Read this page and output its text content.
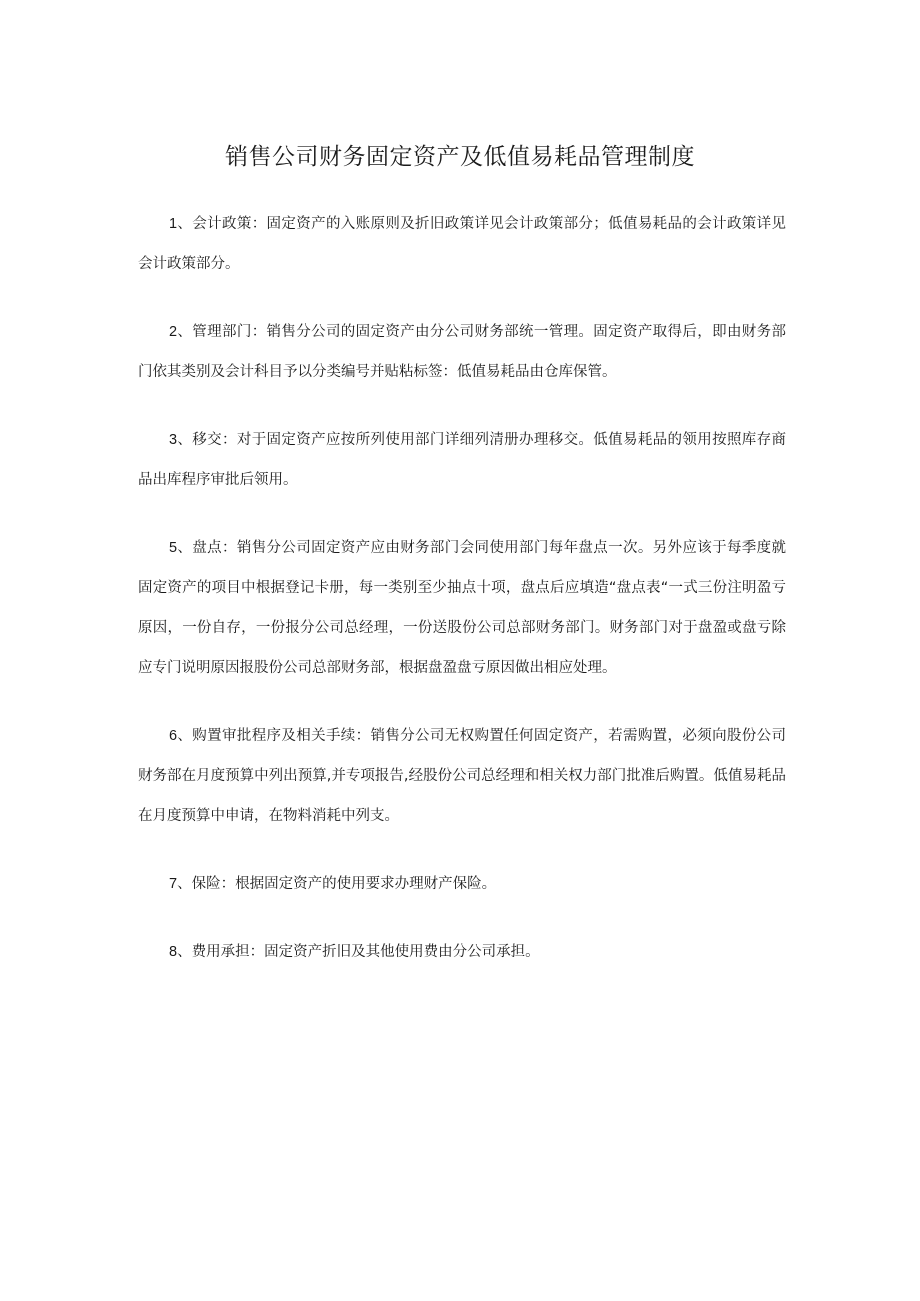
销售公司财务固定资产及低值易耗品管理制度

1、会计政策：固定资产的入账原则及折旧政策详见会计政策部分；低值易耗品的会计政策详见会计政策部分。

2、管理部门：销售分公司的固定资产由分公司财务部统一管理。固定资产取得后，即由财务部门依其类别及会计科目予以分类编号并贴粘标签：低值易耗品由仓库保管。

3、移交：对于固定资产应按所列使用部门详细列清册办理移交。低值易耗品的领用按照库存商品出库程序审批后领用。

5、盘点：销售分公司固定资产应由财务部门会同使用部门每年盘点一次。另外应该于每季度就固定资产的项目中根据登记卡册，每一类别至少抽点十项，盘点后应填造“盘点表“一式三份注明盈亏原因，一份自存，一份报分公司总经理，一份送股份公司总部财务部门。财务部门对于盘盈或盘亏除应专门说明原因报股份公司总部财务部，根据盘盈盘亏原因做出相应处理。

6、购置审批程序及相关手续：销售分公司无权购置任何固定资产，若需购置，必须向股份公司财务部在月度预算中列出预算,并专项报告,经股份公司总经理和相关权力部门批准后购置。低值易耗品在月度预算中申请，在物料消耗中列支。

7、保险：根据固定资产的使用要求办理财产保险。

8、费用承担：固定资产折旧及其他使用费由分公司承担。
